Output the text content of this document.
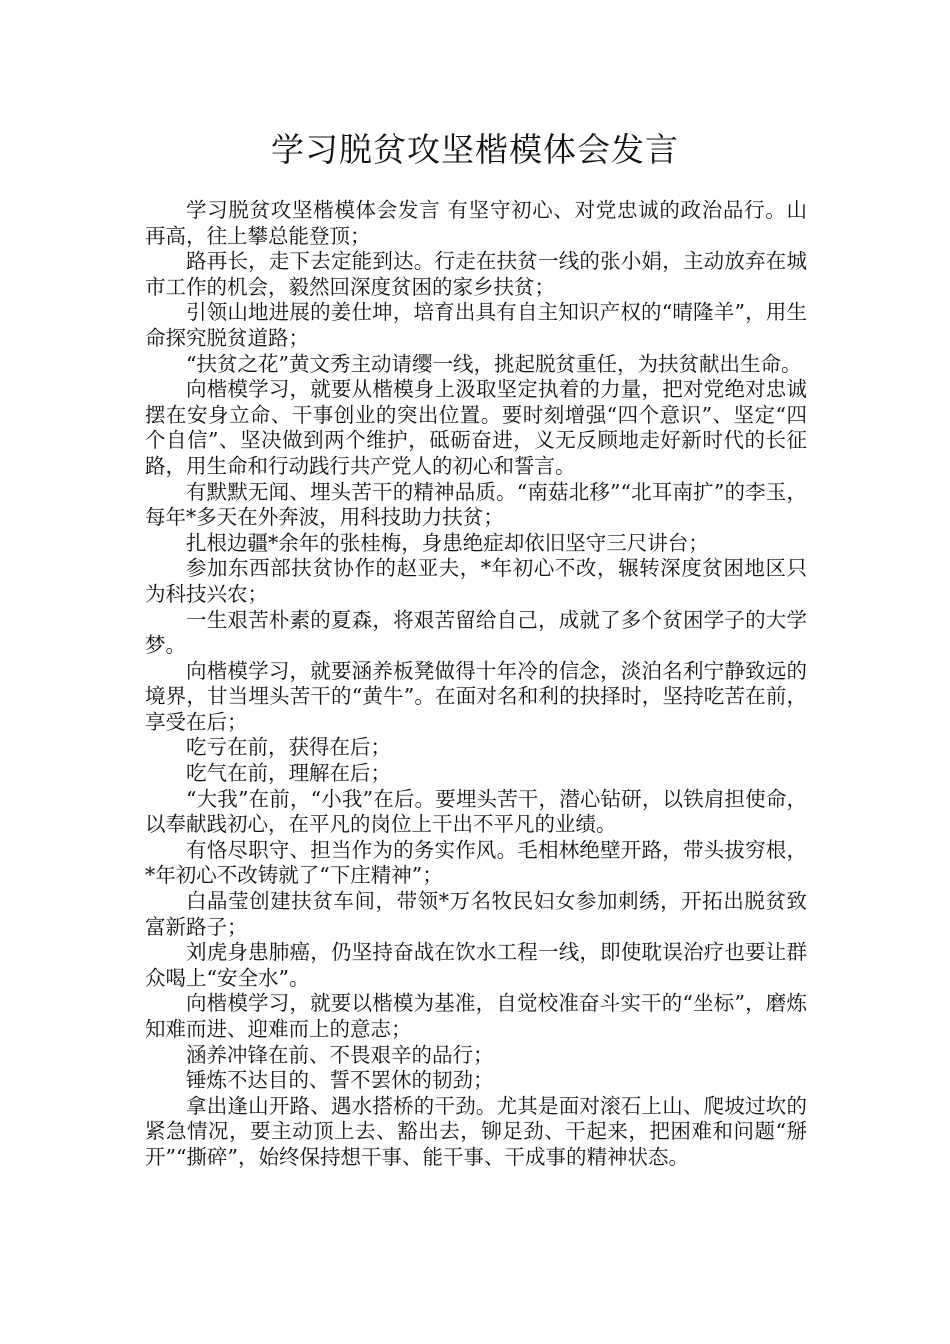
学习脱贫攻坚楷模体会发言

学习脱贫攻坚楷模体会发言 有坚守初心、对党忠诚的政治品行。山再高，往上攀总能登顶；

路再长，走下去定能到达。行走在扶贫一线的张小娟，主动放弃在城市工作的机会，毅然回深度贫困的家乡扶贫；

引领山地进展的姜仕坤，培育出具有自主知识产权的“晴隆羊”，用生命探究脱贫道路；

“扶贫之花”黄文秀主动请缨一线，挑起脱贫重任，为扶贫献出生命。

向楷模学习，就要从楷模身上汲取坚定执着的力量，把对党绝对忠诚摆在安身立命、干事创业的突出位置。要时刻增强“四个意识”、坚定“四个自信”、坚决做到两个维护，砥砺奋进，义无反顾地走好新时代的长征路，用生命和行动践行共产党人的初心和誓言。

有默默无闻、埋头苦干的精神品质。“南菇北移”“北耳南扩”的李玉，每年*多天在外奔波，用科技助力扶贫；

扎根边疆*余年的张桂梅，身患绝症却依旧坚守三尺讲台；

参加东西部扶贫协作的赵亚夫，*年初心不改，辗转深度贫困地区只为科技兴农；

一生艰苦朴素的夏森，将艰苦留给自己，成就了多个贫困学子的大学梦。

向楷模学习，就要涵养板凳做得十年冷的信念，淡泊名利宁静致远的境界，甘当埋头苦干的“黄牛”。在面对名和利的抉择时，坚持吃苦在前，享受在后；

吃亏在前，获得在后；

吃气在前，理解在后；

“大我”在前，“小我”在后。要埋头苦干，潜心钻研，以铁肩担使命，以奉献践初心，在平凡的岗位上干出不平凡的业绩。

有恪尽职守、担当作为的务实作风。毛相林绝壁开路，带头拔穷根，*年初心不改铸就了“下庄精神”；

白晶莹创建扶贫车间，带领*万名牧民妇女参加刺绣，开拓出脱贫致富新路子；

刘虎身患肺癌，仍坚持奋战在饮水工程一线，即使耽误治疗也要让群众喝上“安全水”。

向楷模学习，就要以楷模为基准，自觉校准奋斗实干的“坐标”，磨炼知难而进、迎难而上的意志；

涵养冲锋在前、不畏艰辛的品行；

锤炼不达目的、誓不罢休的韧劲；

拿出逢山开路、遇水搭桥的干劲。尤其是面对滚石上山、爬坡过坎的紧急情况，要主动顶上去、豁出去，铆足劲、干起来，把困难和问题“掰开”“撕碎”，始终保持想干事、能干事、干成事的精神状态。
